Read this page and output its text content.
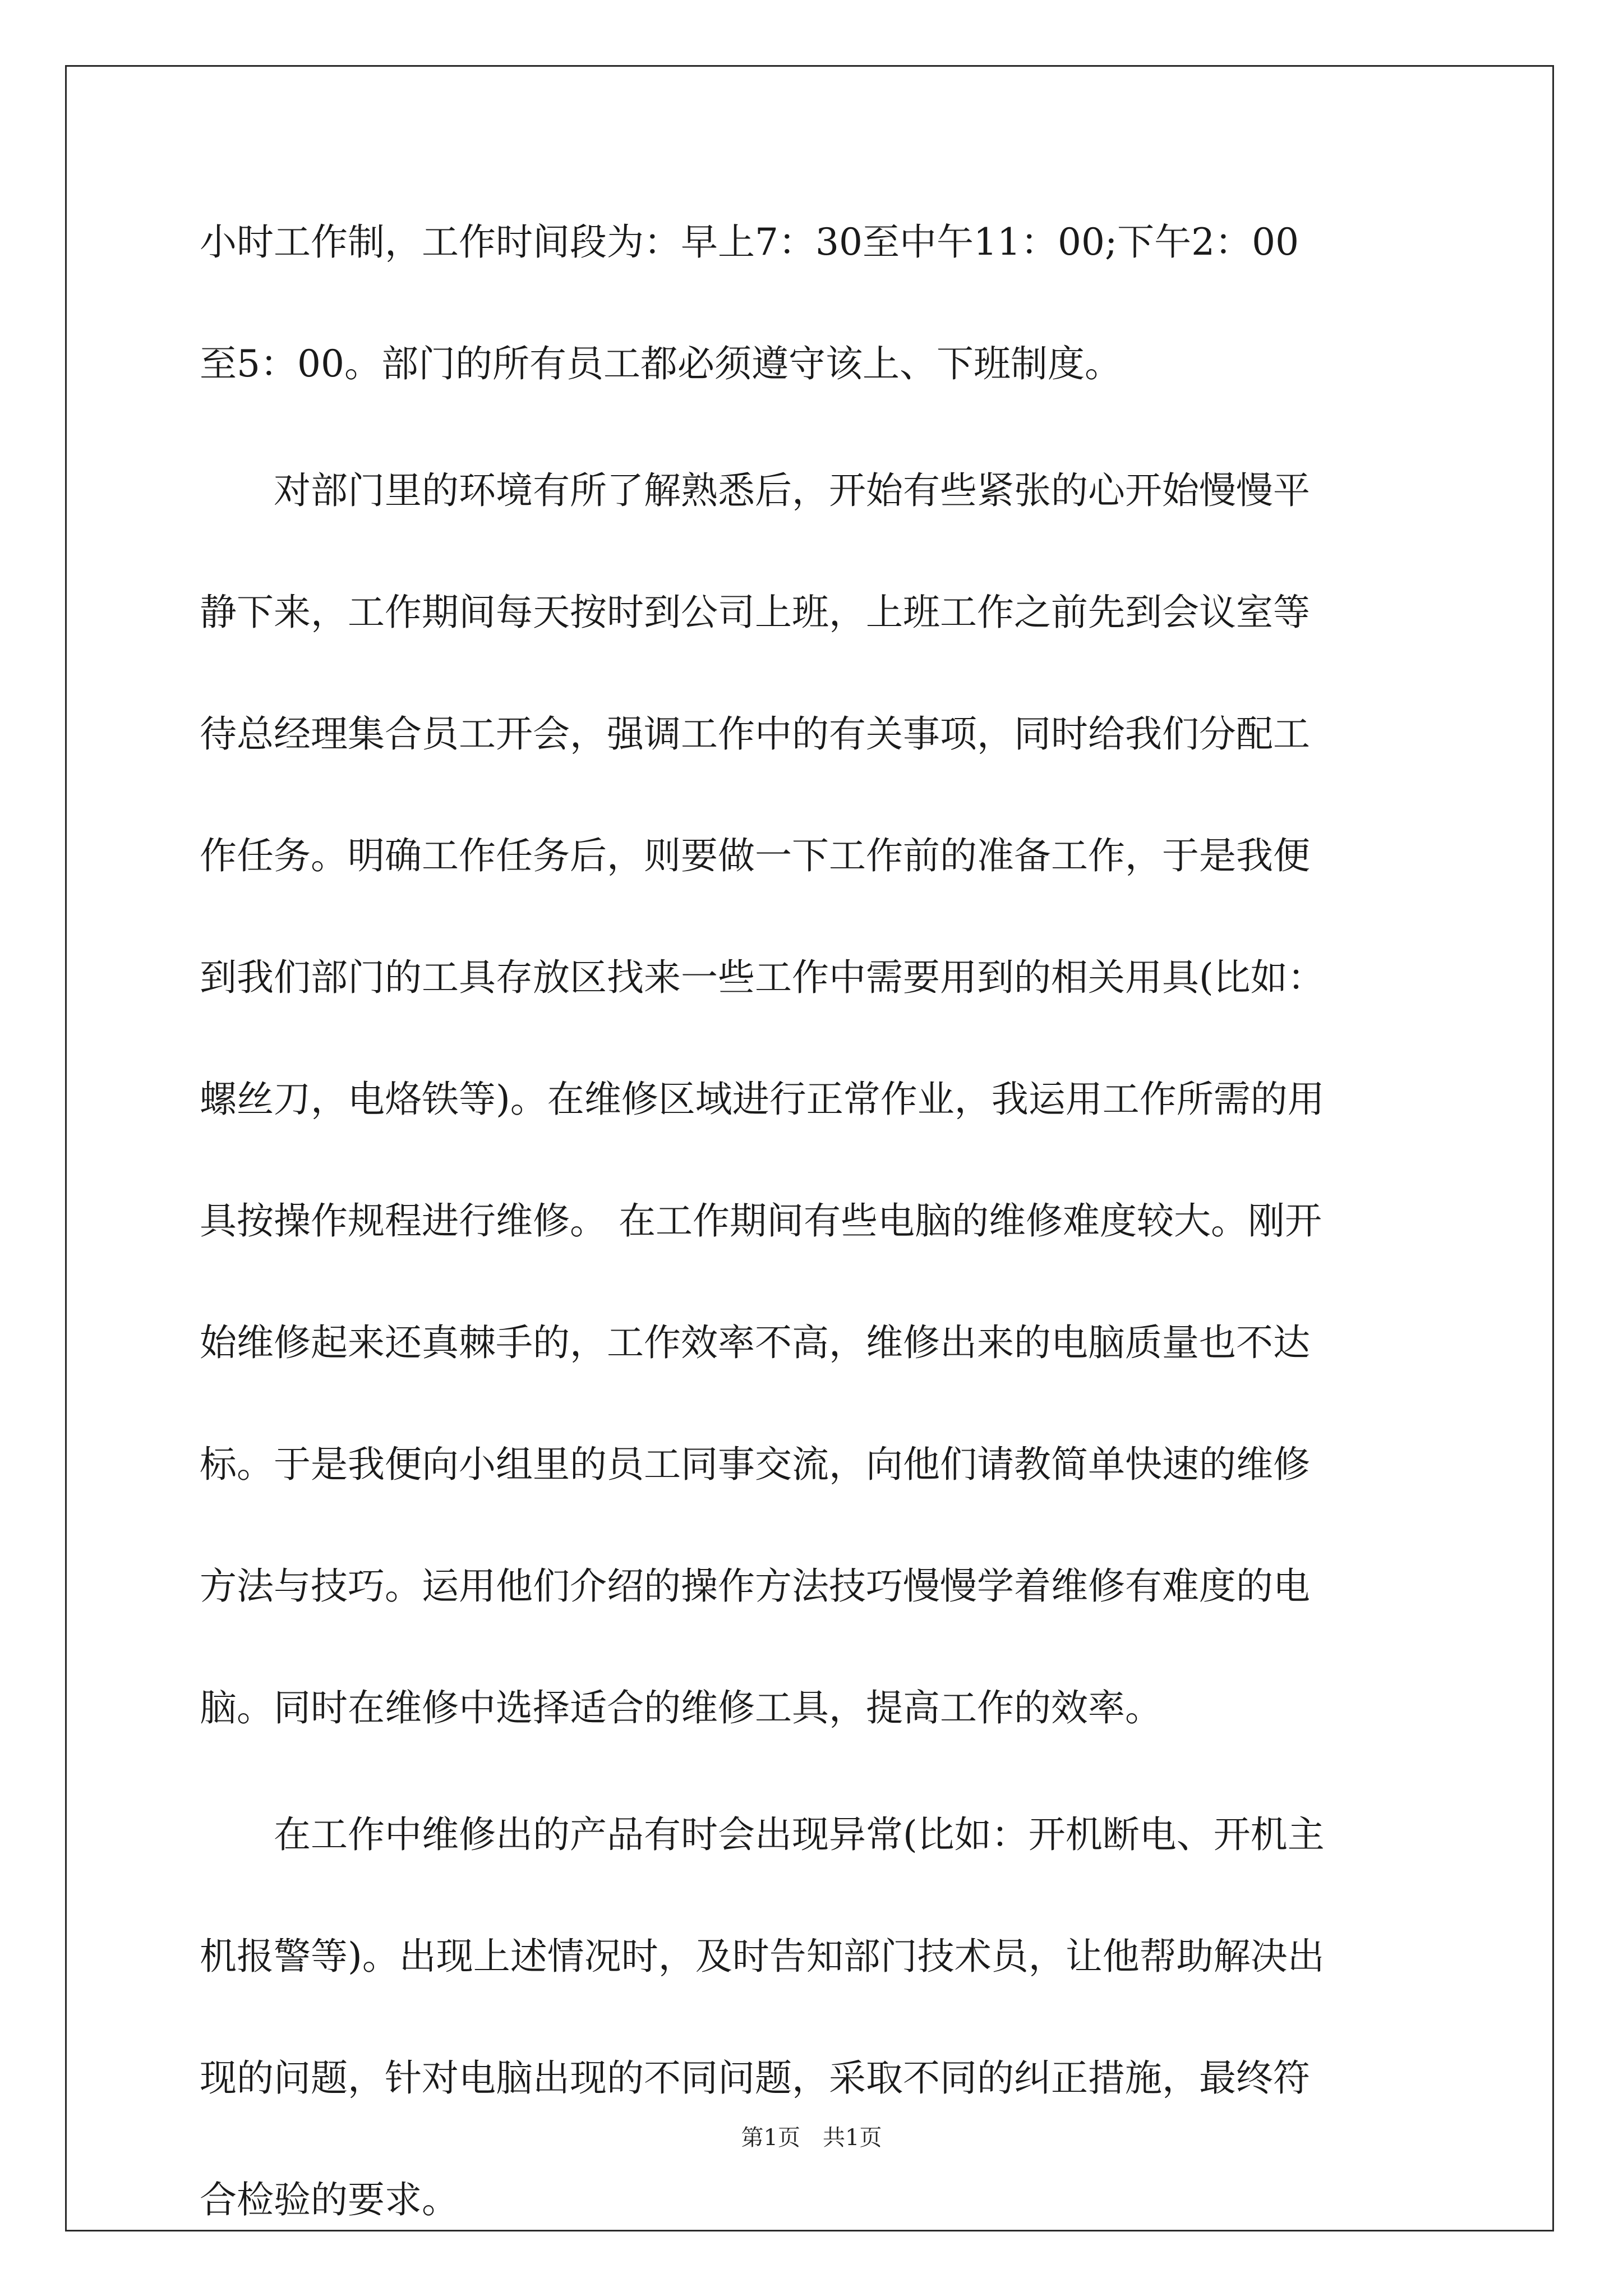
小时工作制，工作时间段为：早上7：30至中午11：00;下午2：00
至5：00。部门的所有员工都必须遵守该上、下班制度。
　　对部门里的环境有所了解熟悉后，开始有些紧张的心开始慢慢平
静下来，工作期间每天按时到公司上班，上班工作之前先到会议室等
待总经理集合员工开会，强调工作中的有关事项，同时给我们分配工
作任务。明确工作任务后，则要做一下工作前的准备工作，于是我便
到我们部门的工具存放区找来一些工作中需要用到的相关用具(比如：
螺丝刀，电烙铁等)。在维修区域进行正常作业，我运用工作所需的用
具按操作规程进行维修。 在工作期间有些电脑的维修难度较大。刚开
始维修起来还真棘手的，工作效率不高，维修出来的电脑质量也不达
标。于是我便向小组里的员工同事交流，向他们请教简单快速的维修
方法与技巧。运用他们介绍的操作方法技巧慢慢学着维修有难度的电
脑。同时在维修中选择适合的维修工具，提高工作的效率。
　　在工作中维修出的产品有时会出现异常(比如：开机断电、开机主
机报警等)。出现上述情况时，及时告知部门技术员，让他帮助解决出
现的问题，针对电脑出现的不同问题，采取不同的纠正措施，最终符
合检验的要求。
第1页　共1页
